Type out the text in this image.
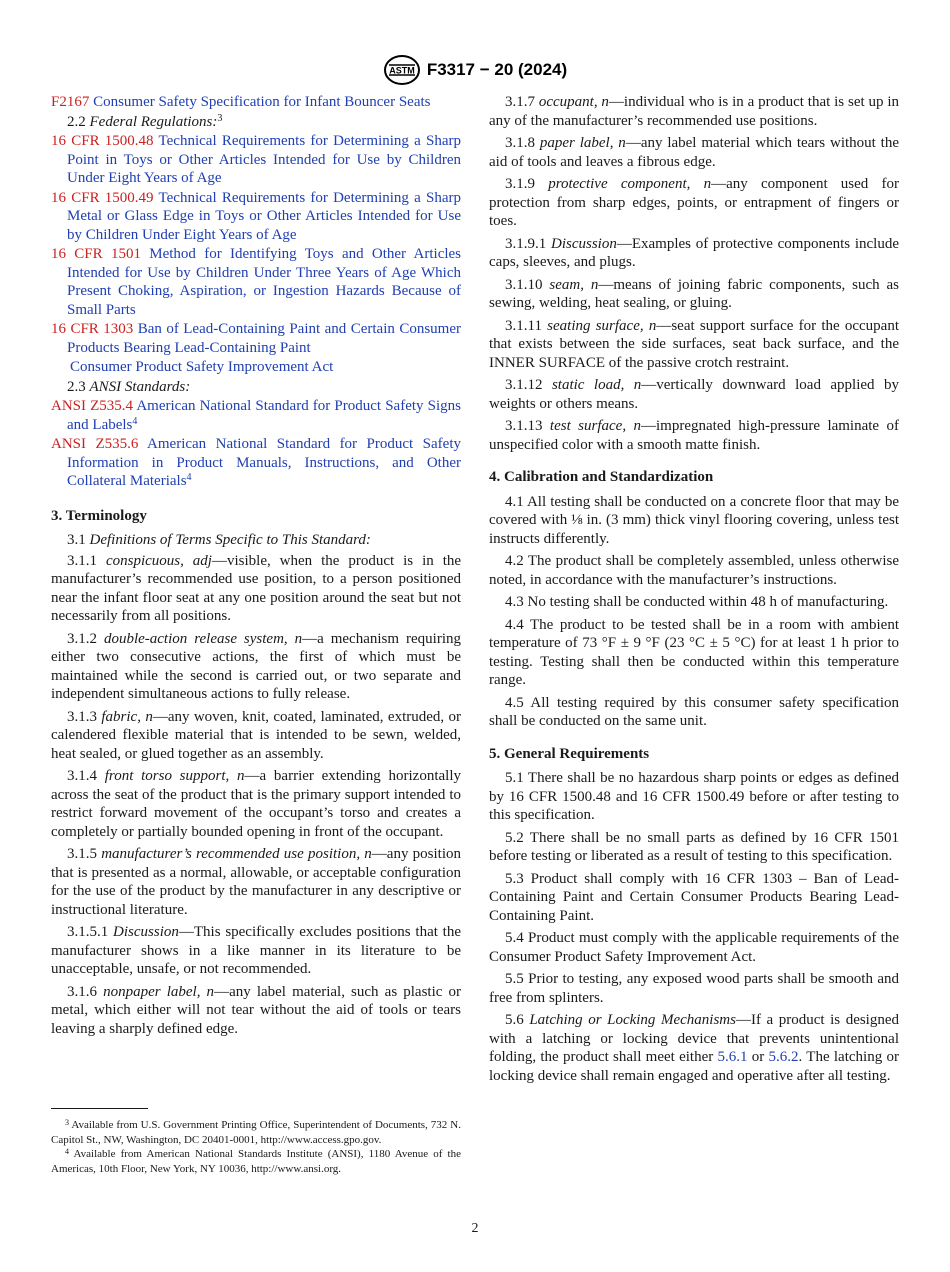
ASTM F3317 − 20 (2024)

F2167 Consumer Safety Specification for Infant Bouncer Seats

2.2 Federal Regulations:$^3$

16 CFR 1500.48 Technical Requirements for Determining a Sharp Point in Toys or Other Articles Intended for Use by Children Under Eight Years of Age

16 CFR 1500.49 Technical Requirements for Determining a Sharp Metal or Glass Edge in Toys or Other Articles Intended for Use by Children Under Eight Years of Age

16 CFR 1501 Method for Identifying Toys and Other Articles Intended for Use by Children Under Three Years of Age Which Present Choking, Aspiration, or Ingestion Hazards Because of Small Parts

16 CFR 1303 Ban of Lead-Containing Paint and Certain Consumer Products Bearing Lead-Containing Paint

Consumer Product Safety Improvement Act

2.3 ANSI Standards:

ANSI Z535.4 American National Standard for Product Safety Signs and Labels$^4$

ANSI Z535.6 American National Standard for Product Safety Information in Product Manuals, Instructions, and Other Collateral Materials$^4$

3. Terminology

3.1 Definitions of Terms Specific to This Standard:

3.1.1 conspicuous, adj—visible, when the product is in the manufacturer’s recommended use position, to a person positioned near the infant floor seat at any one position around the seat but not necessarily from all positions.

3.1.2 double-action release system, n—a mechanism requiring either two consecutive actions, the first of which must be maintained while the second is carried out, or two separate and independent simultaneous actions to fully release.

3.1.3 fabric, n—any woven, knit, coated, laminated, extruded, or calendered flexible material that is intended to be sewn, welded, heat sealed, or glued together as an assembly.

3.1.4 front torso support, n—a barrier extending horizontally across the seat of the product that is the primary support intended to restrict forward movement of the occupant’s torso and creates a completely or partially bounded opening in front of the occupant.

3.1.5 manufacturer’s recommended use position, n—any position that is presented as a normal, allowable, or acceptable configuration for the use of the product by the manufacturer in any descriptive or instructional literature.

3.1.5.1 Discussion—This specifically excludes positions that the manufacturer shows in a like manner in its literature to be unacceptable, unsafe, or not recommended.

3.1.6 nonpaper label, n—any label material, such as plastic or metal, which either will not tear without the aid of tools or tears leaving a sharply defined edge.

3.1.7 occupant, n—individual who is in a product that is set up in any of the manufacturer’s recommended use positions.

3.1.8 paper label, n—any label material which tears without the aid of tools and leaves a fibrous edge.

3.1.9 protective component, n—any component used for protection from sharp edges, points, or entrapment of fingers or toes.

3.1.9.1 Discussion—Examples of protective components include caps, sleeves, and plugs.

3.1.10 seam, n—means of joining fabric components, such as sewing, welding, heat sealing, or gluing.

3.1.11 seating surface, n—seat support surface for the occupant that exists between the side surfaces, seat back surface, and the INNER SURFACE of the passive crotch restraint.

3.1.12 static load, n—vertically downward load applied by weights or others means.

3.1.13 test surface, n—impregnated high-pressure laminate of unspecified color with a smooth matte finish.

4. Calibration and Standardization

4.1 All testing shall be conducted on a concrete floor that may be covered with ⅛ in. (3 mm) thick vinyl flooring covering, unless test instructs differently.

4.2 The product shall be completely assembled, unless otherwise noted, in accordance with the manufacturer’s instructions.

4.3 No testing shall be conducted within 48 h of manufacturing.

4.4 The product to be tested shall be in a room with ambient temperature of 73 °F ± 9 °F (23 °C ± 5 °C) for at least 1 h prior to testing. Testing shall then be conducted within this temperature range.

4.5 All testing required by this consumer safety specification shall be conducted on the same unit.

5. General Requirements

5.1 There shall be no hazardous sharp points or edges as defined by 16 CFR 1500.48 and 16 CFR 1500.49 before or after testing to this specification.

5.2 There shall be no small parts as defined by 16 CFR 1501 before testing or liberated as a result of testing to this specification.

5.3 Product shall comply with 16 CFR 1303 – Ban of Lead-Containing Paint and Certain Consumer Products Bearing Lead-Containing Paint.

5.4 Product must comply with the applicable requirements of the Consumer Product Safety Improvement Act.

5.5 Prior to testing, any exposed wood parts shall be smooth and free from splinters.

5.6 Latching or Locking Mechanisms—If a product is designed with a latching or locking device that prevents unintentional folding, the product shall meet either 5.6.1 or 5.6.2. The latching or locking device shall remain engaged and operative after all testing.

$^3$ Available from U.S. Government Printing Office, Superintendent of Documents, 732 N. Capitol St., NW, Washington, DC 20401-0001, http://www.access.gpo.gov.

$^4$ Available from American National Standards Institute (ANSI), 1180 Avenue of the Americas, 10th Floor, New York, NY 10036, http://www.ansi.org.

2
